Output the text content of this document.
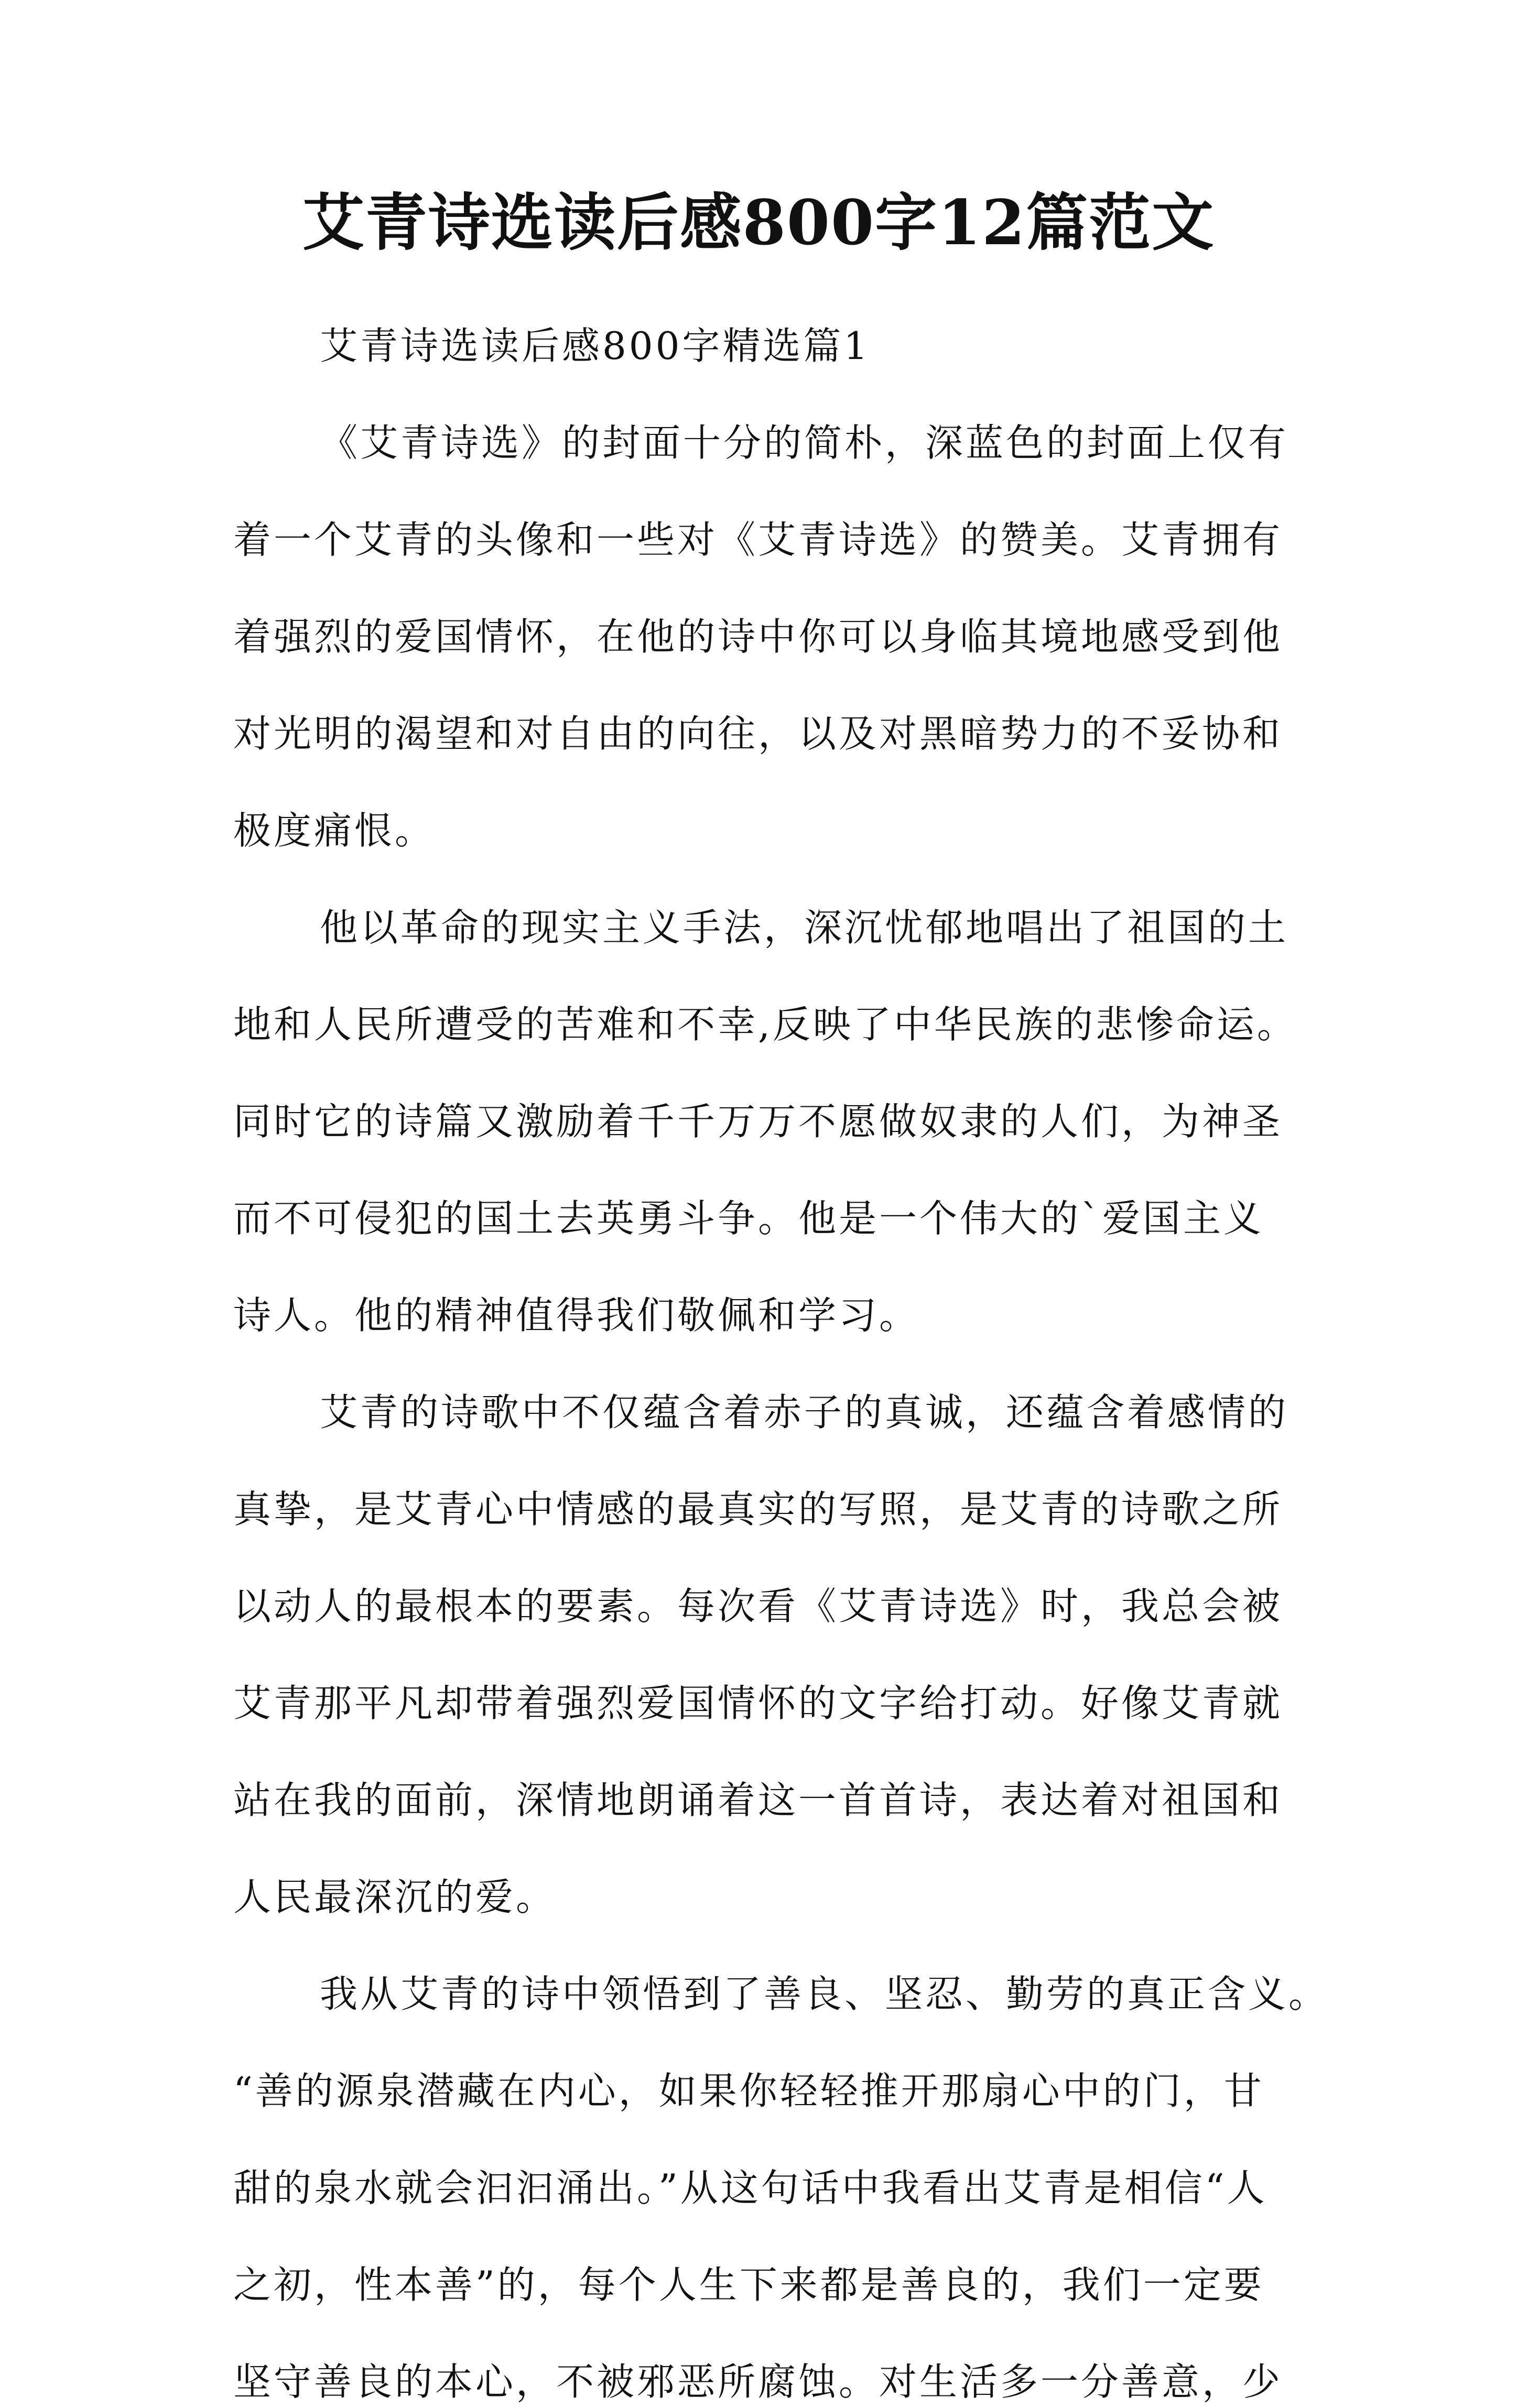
艾青诗选读后感800字12篇范文
艾青诗选读后感800字精选篇1
《艾青诗选》的封面十分的简朴，深蓝色的封面上仅有
着一个艾青的头像和一些对《艾青诗选》的赞美。艾青拥有
着强烈的爱国情怀，在他的诗中你可以身临其境地感受到他
对光明的渴望和对自由的向往，以及对黑暗势力的不妥协和
极度痛恨。
他以革命的现实主义手法，深沉忧郁地唱出了祖国的土
地和人民所遭受的苦难和不幸,反映了中华民族的悲惨命运。
同时它的诗篇又激励着千千万万不愿做奴隶的人们，为神圣
而不可侵犯的国土去英勇斗争。他是一个伟大的`爱国主义
诗人。他的精神值得我们敬佩和学习。
艾青的诗歌中不仅蕴含着赤子的真诚，还蕴含着感情的
真挚，是艾青心中情感的最真实的写照，是艾青的诗歌之所
以动人的最根本的要素。每次看《艾青诗选》时，我总会被
艾青那平凡却带着强烈爱国情怀的文字给打动。好像艾青就
站在我的面前，深情地朗诵着这一首首诗，表达着对祖国和
人民最深沉的爱。
我从艾青的诗中领悟到了善良、坚忍、勤劳的真正含义。
“善的源泉潜藏在内心，如果你轻轻推开那扇心中的门，甘
甜的泉水就会汩汩涌出。”从这句话中我看出艾青是相信“人
之初，性本善”的，每个人生下来都是善良的，我们一定要
坚守善良的本心，不被邪恶所腐蚀。对生活多一分善意，少
